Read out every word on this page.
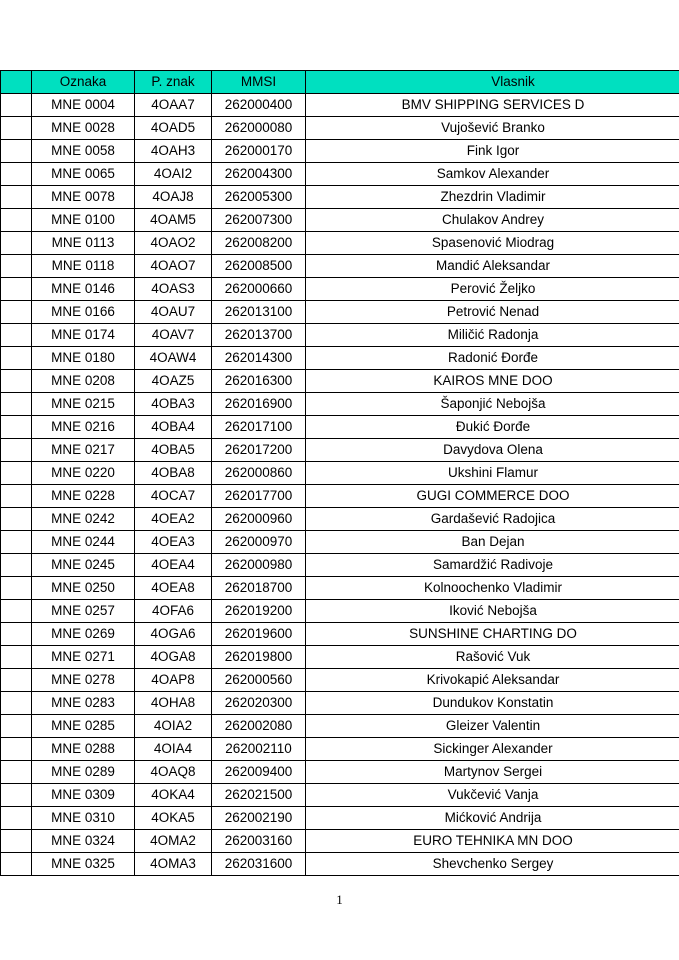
	Oznaka	P. znak	MMSI	Vlasnik
	MNE 0004	4OAA7	262000400	BMV SHIPPING SERVICES D

	MNE 0028	4OAD5	262000080	Vujošević Branko

	MNE 0058	4OAH3	262000170	Fink Igor

	MNE 0065	4OAI2	262004300	Samkov Alexander

	MNE 0078	4OAJ8	262005300	Zhezdrin Vladimir

	MNE 0100	4OAM5	262007300	Chulakov Andrey

	MNE 0113	4OAO2	262008200	Spasenović Miodrag

	MNE 0118	4OAO7	262008500	Mandić Aleksandar

	MNE 0146	4OAS3	262000660	Perović Željko

	MNE 0166	4OAU7	262013100	Petrović Nenad

	MNE 0174	4OAV7	262013700	Miličić Radonja

	MNE 0180	4OAW4	262014300	Radonić Đorđe

	MNE 0208	4OAZ5	262016300	KAIROS MNE DOO

	MNE 0215	4OBA3	262016900	Šaponjić Nebojša

	MNE 0216	4OBA4	262017100	Đukić Đorđe

	MNE 0217	4OBA5	262017200	Davydova Olena

	MNE 0220	4OBA8	262000860	Ukshini Flamur

	MNE 0228	4OCA7	262017700	GUGI COMMERCE DOO

	MNE 0242	4OEA2	262000960	Gardašević Radojica

	MNE 0244	4OEA3	262000970	Ban Dejan

	MNE 0245	4OEA4	262000980	Samardžić Radivoje

	MNE 0250	4OEA8	262018700	Kolnoochenko Vladimir

	MNE 0257	4OFA6	262019200	Iković Nebojša

	MNE 0269	4OGA6	262019600	SUNSHINE CHARTING DO

	MNE 0271	4OGA8	262019800	Rašović Vuk

	MNE 0278	4OAP8	262000560	Krivokapić Aleksandar

	MNE 0283	4OHA8	262020300	Dundukov Konstatin

	MNE 0285	4OIA2	262002080	Gleizer Valentin

	MNE 0288	4OIA4	262002110	Sickinger Alexander

	MNE 0289	4OAQ8	262009400	Martynov Sergei

	MNE 0309	4OKA4	262021500	Vukčević Vanja

	MNE 0310	4OKA5	262002190	Mićković Andrija

	MNE 0324	4OMA2	262003160	EURO TEHNIKA MN DOO

	MNE 0325	4OMA3	262031600	Shevchenko Sergey
1
